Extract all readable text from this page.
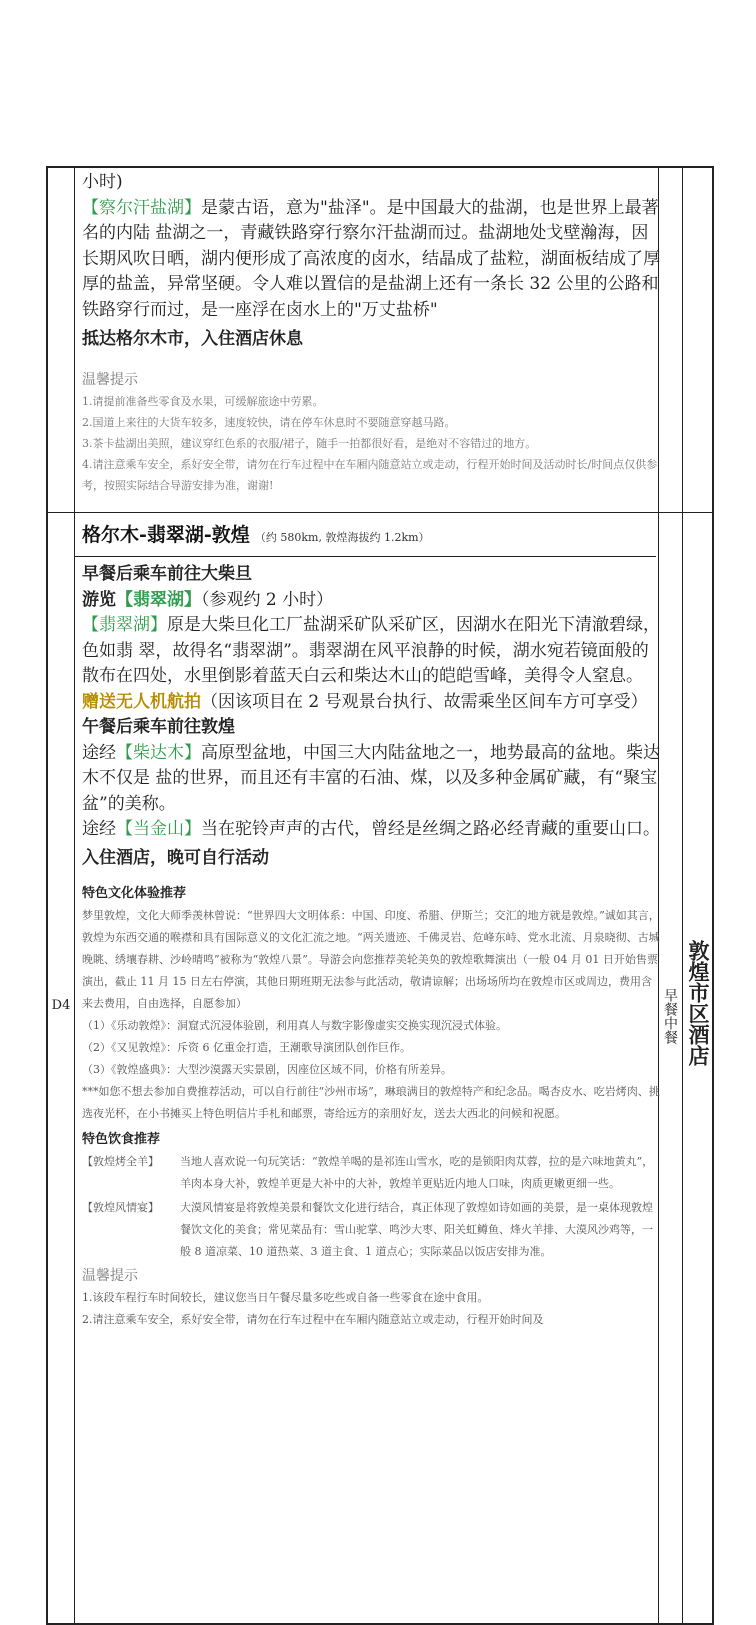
小时)

【察尔汗盐湖】是蒙古语，意为"盐泽"。是中国最大的盐湖，也是世界上最著名的内陆 盐湖之一，青藏铁路穿行察尔汗盐湖而过。盐湖地处戈壁瀚海，因长期风吹日晒，湖内便形成了高浓度的卤水，结晶成了盐粒，湖面板结成了厚厚的盐盖，异常坚硬。令人难以置信的是盐湖上还有一条长 32 公里的公路和铁路穿行而过，是一座浮在卤水上的"万丈盐桥"

抵达格尔木市，入住酒店休息

温馨提示

1.请提前准备些零食及水果，可缓解旅途中劳累。

2.国道上来往的大货车较多，速度较快，请在停车休息时不要随意穿越马路。

3.茶卡盐湖出美照，建议穿红色系的衣服/裙子，随手一拍都很好看，是绝对不容错过的地方。

4.请注意乘车安全，系好安全带，请勿在行车过程中在车厢内随意站立或走动，行程开始时间及活动时长/时间点仅供参考，按照实际结合导游安排为准，谢谢!

D4
格尔木-翡翠湖-敦煌 （约 580km, 敦煌海拔约 1.2km）

早餐后乘车前往大柴旦

游览【翡翠湖】（参观约 2 小时）

【翡翠湖】原是大柴旦化工厂盐湖采矿队采矿区，因湖水在阳光下清澈碧绿，色如翡 翠，故得名“翡翠湖”。翡翠湖在风平浪静的时候，湖水宛若镜面般的散布在四处，水里倒影着蓝天白云和柴达木山的皑皑雪峰，美得令人窒息。

赠送无人机航拍（因该项目在 2 号观景台执行、故需乘坐区间车方可享受）

午餐后乘车前往敦煌

途经【柴达木】高原型盆地，中国三大内陆盆地之一，地势最高的盆地。柴达木不仅是 盐的世界，而且还有丰富的石油、煤，以及多种金属矿藏，有“聚宝盆”的美称。

途经【当金山】当在驼铃声声的古代，曾经是丝绸之路必经青藏的重要山口。

入住酒店，晚可自行活动

特色文化体验推荐

梦里敦煌，文化大师季羡林曾说：“世界四大文明体系：中国、印度、希腊、伊斯兰；交汇的地方就是敦煌。”诚如其言，敦煌为东西交通的喉襟和具有国际意义的文化汇流之地。“两关遗迹、千佛灵岩、危峰东峙、党水北流、月泉晓彻、古城晚眺、绣壤春耕、沙岭晴鸣”被称为“敦煌八景”。导游会向您推荐美轮美奂的敦煌歌舞演出（一般 04 月 01 日开始售票演出，截止 11 月 15 日左右停演，其他日期班期无法参与此活动，敬请谅解；出场场所均在敦煌市区或周边，费用含来去费用，自由选择，自愿参加）

（1）《乐动敦煌》：洞窟式沉浸体验剧，利用真人与数字影像虚实交换实现沉浸式体验。

（2）《又见敦煌》：斥资 6 亿重金打造，王潮歌导演团队创作巨作。

（3）《敦煌盛典》：大型沙漠露天实景剧，因座位区域不同，价格有所差异。

***如您不想去参加自费推荐活动，可以自行前往“沙州市场”，琳琅满目的敦煌特产和纪念品。喝杏皮水、吃岩烤肉、挑选夜光杯，在小书摊买上特色明信片手札和邮票，寄给远方的亲朋好友，送去大西北的问候和祝愿。

特色饮食推荐
【敦煌烤全羊】	当地人喜欢说一句玩笑话：“敦煌羊喝的是祁连山雪水，吃的是锁阳肉苁蓉，拉的是六味地黄丸”，羊肉本身大补，敦煌羊更是大补中的大补，敦煌羊更贴近内地人口味，肉质更嫩更细一些。
【敦煌风情宴】	大漠风情宴是将敦煌美景和餐饮文化进行结合，真正体现了敦煌如诗如画的美景，是一桌体现敦煌餐饮文化的美食；常见菜品有：雪山驼掌、鸣沙大枣、阳关虹鳟鱼、烽火羊排、大漠风沙鸡等，一般 8 道凉菜、10 道热菜、3 道主食、1 道点心；实际菜品以饭店安排为准。
温馨提示

1.该段车程行车时间较长，建议您当日午餐尽量多吃些或自备一些零食在途中食用。

2.请注意乘车安全，系好安全带，请勿在行车过程中在车厢内随意站立或走动，行程开始时间及

早餐中餐 敦煌市区酒店
